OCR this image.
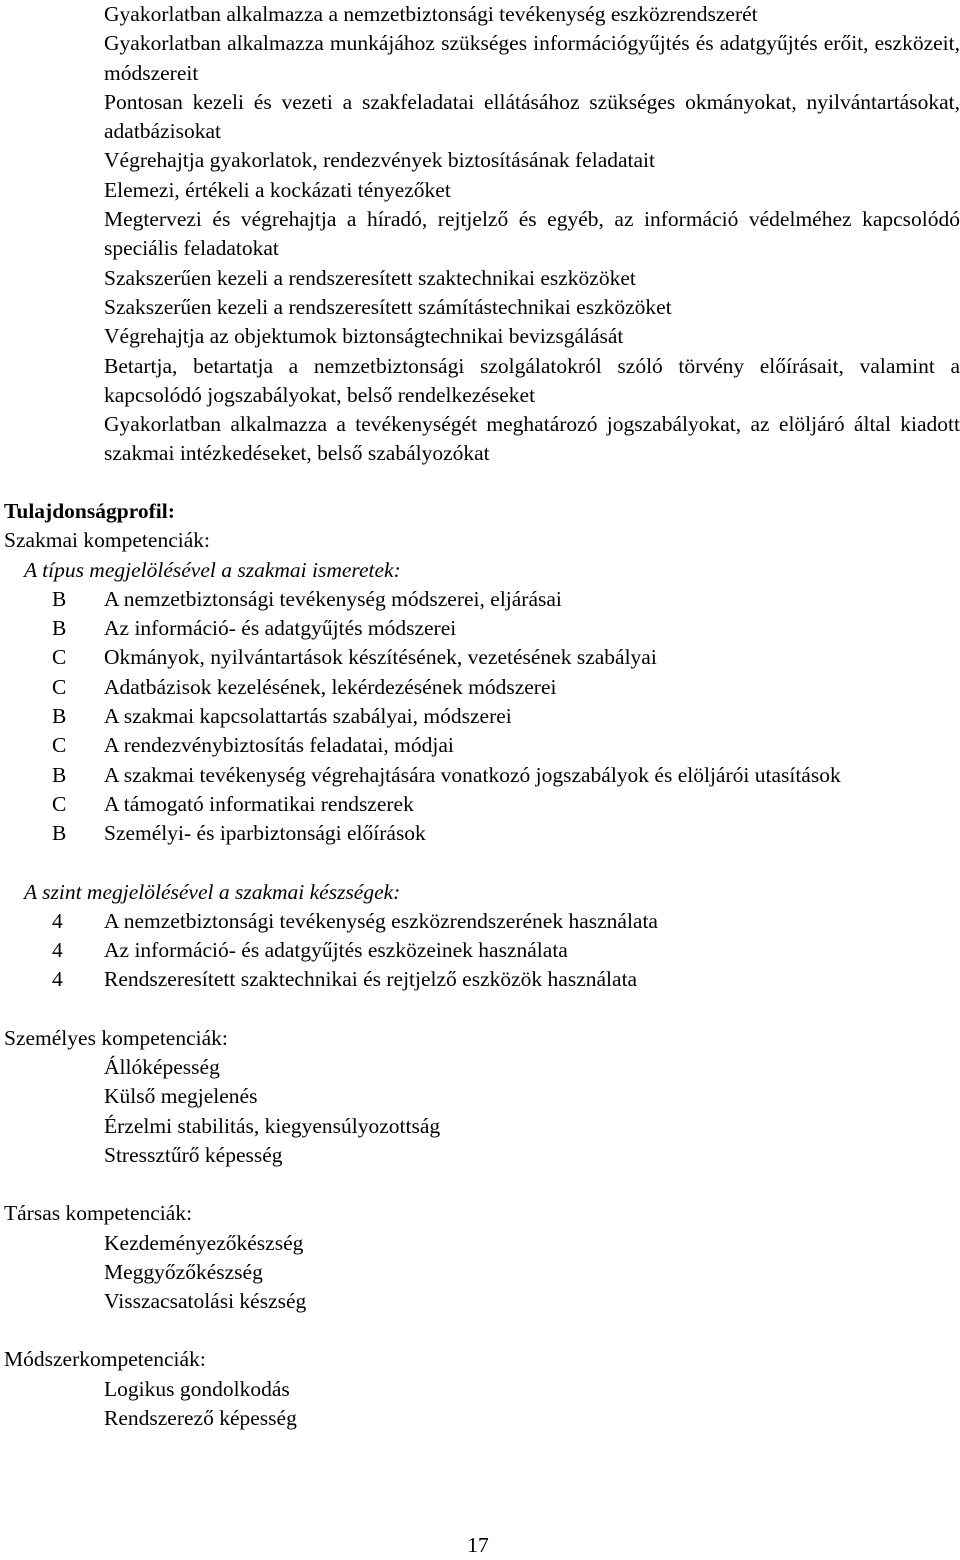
Gyakorlatban alkalmazza a nemzetbiztonsági tevékenység eszközrendszerét

Gyakorlatban alkalmazza munkájához szükséges információgyűjtés és adatgyűjtés erőit, eszközeit, módszereit

Pontosan kezeli és vezeti a szakfeladatai ellátásához szükséges okmányokat, nyilvántartásokat, adatbázisokat

Végrehajtja gyakorlatok, rendezvények biztosításának feladatait

Elemezi, értékeli a kockázati tényezőket

Megtervezi és végrehajtja a híradó, rejtjelző és egyéb, az információ védelméhez kapcsolódó speciális feladatokat

Szakszerűen kezeli a rendszeresített szaktechnikai eszközöket

Szakszerűen kezeli a rendszeresített számítástechnikai eszközöket

Végrehajtja az objektumok biztonságtechnikai bevizsgálását

Betartja, betartatja a nemzetbiztonsági szolgálatokról szóló törvény előírásait, valamint a kapcsolódó jogszabályokat, belső rendelkezéseket

Gyakorlatban alkalmazza a tevékenységét meghatározó jogszabályokat, az elöljáró által kiadott szakmai intézkedéseket, belső szabályozókat

Tulajdonságprofil:
Szakmai kompetenciák:
A típus megjelölésével a szakmai ismeretek:
B	A nemzetbiztonsági tevékenység módszerei, eljárásai
B	Az információ- és adatgyűjtés módszerei
C	Okmányok, nyilvántartások készítésének, vezetésének szabályai
C	Adatbázisok kezelésének, lekérdezésének módszerei
B	A szakmai kapcsolattartás szabályai, módszerei
C	A rendezvénybiztosítás feladatai, módjai
B	A szakmai tevékenység végrehajtására vonatkozó jogszabályok és elöljárói utasítások
C	A támogató informatikai rendszerek
B	Személyi- és iparbiztonsági előírások
A szint megjelölésével a szakmai készségek:
4	A nemzetbiztonsági tevékenység eszközrendszerének használata
4	Az információ- és adatgyűjtés eszközeinek használata
4	Rendszeresített szaktechnikai és rejtjelző eszközök használata
Személyes kompetenciák:
Állóképesség
Külső megjelenés
Érzelmi stabilitás, kiegyensúlyozottság
Stressztűrő képesség
Társas kompetenciák:
Kezdeményezőkészség
Meggyőzőkészség
Visszacsatolási készség
Módszerkompetenciák:
Logikus gondolkodás
Rendszerező képesség
17
